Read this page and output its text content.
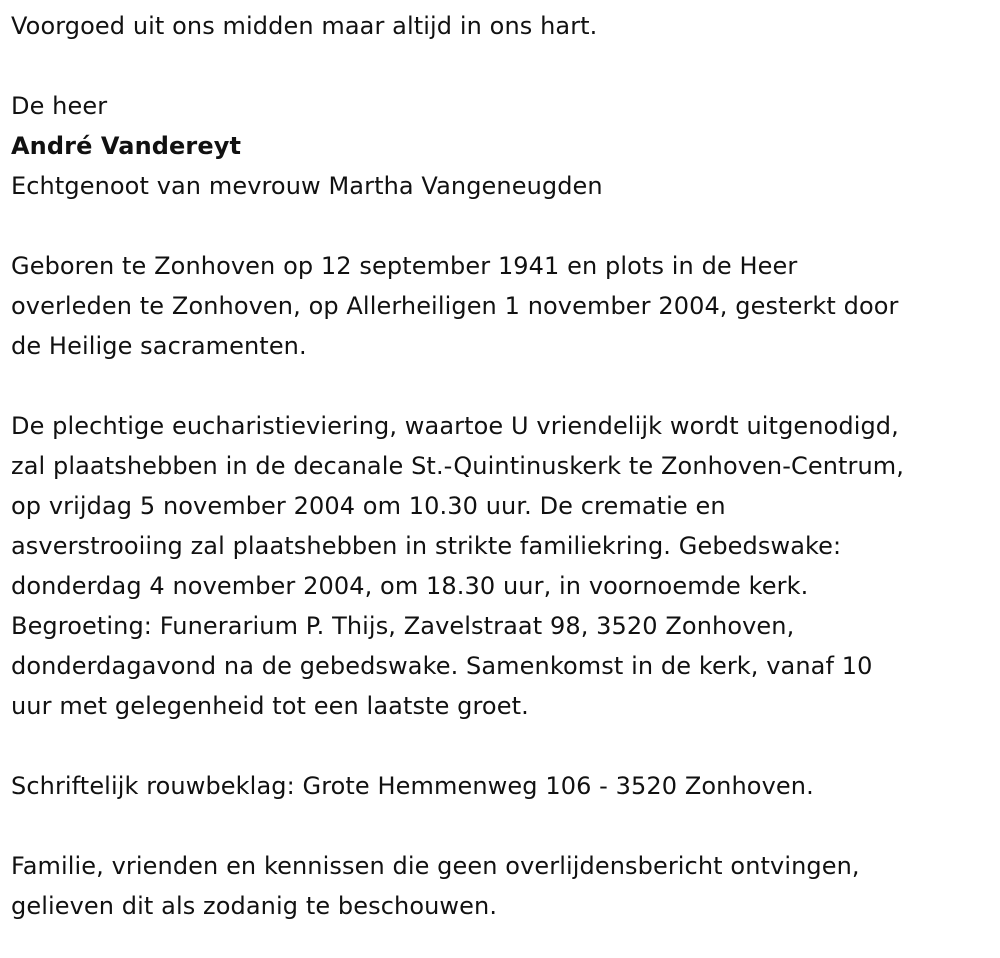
Voorgoed uit ons midden maar altijd in ons hart.
De heer
André Vandereyt
Echtgenoot van mevrouw Martha Vangeneugden
Geboren te Zonhoven op 12 september 1941 en plots in de Heer
overleden te Zonhoven, op Allerheiligen 1 november 2004, gesterkt door
de Heilige sacramenten.
De plechtige eucharistieviering, waartoe U vriendelijk wordt uitgenodigd,
zal plaatshebben in de decanale St.-Quintinuskerk te Zonhoven-Centrum,
op vrijdag 5 november 2004 om 10.30 uur. De crematie en
asverstrooiing zal plaatshebben in strikte familiekring. Gebedswake:
donderdag 4 november 2004, om 18.30 uur, in voornoemde kerk.
Begroeting: Funerarium P. Thijs, Zavelstraat 98, 3520 Zonhoven,
donderdagavond na de gebedswake. Samenkomst in de kerk, vanaf 10
uur met gelegenheid tot een laatste groet.
Schriftelijk rouwbeklag: Grote Hemmenweg 106 - 3520 Zonhoven.
Familie, vrienden en kennissen die geen overlijdensbericht ontvingen,
gelieven dit als zodanig te beschouwen.
